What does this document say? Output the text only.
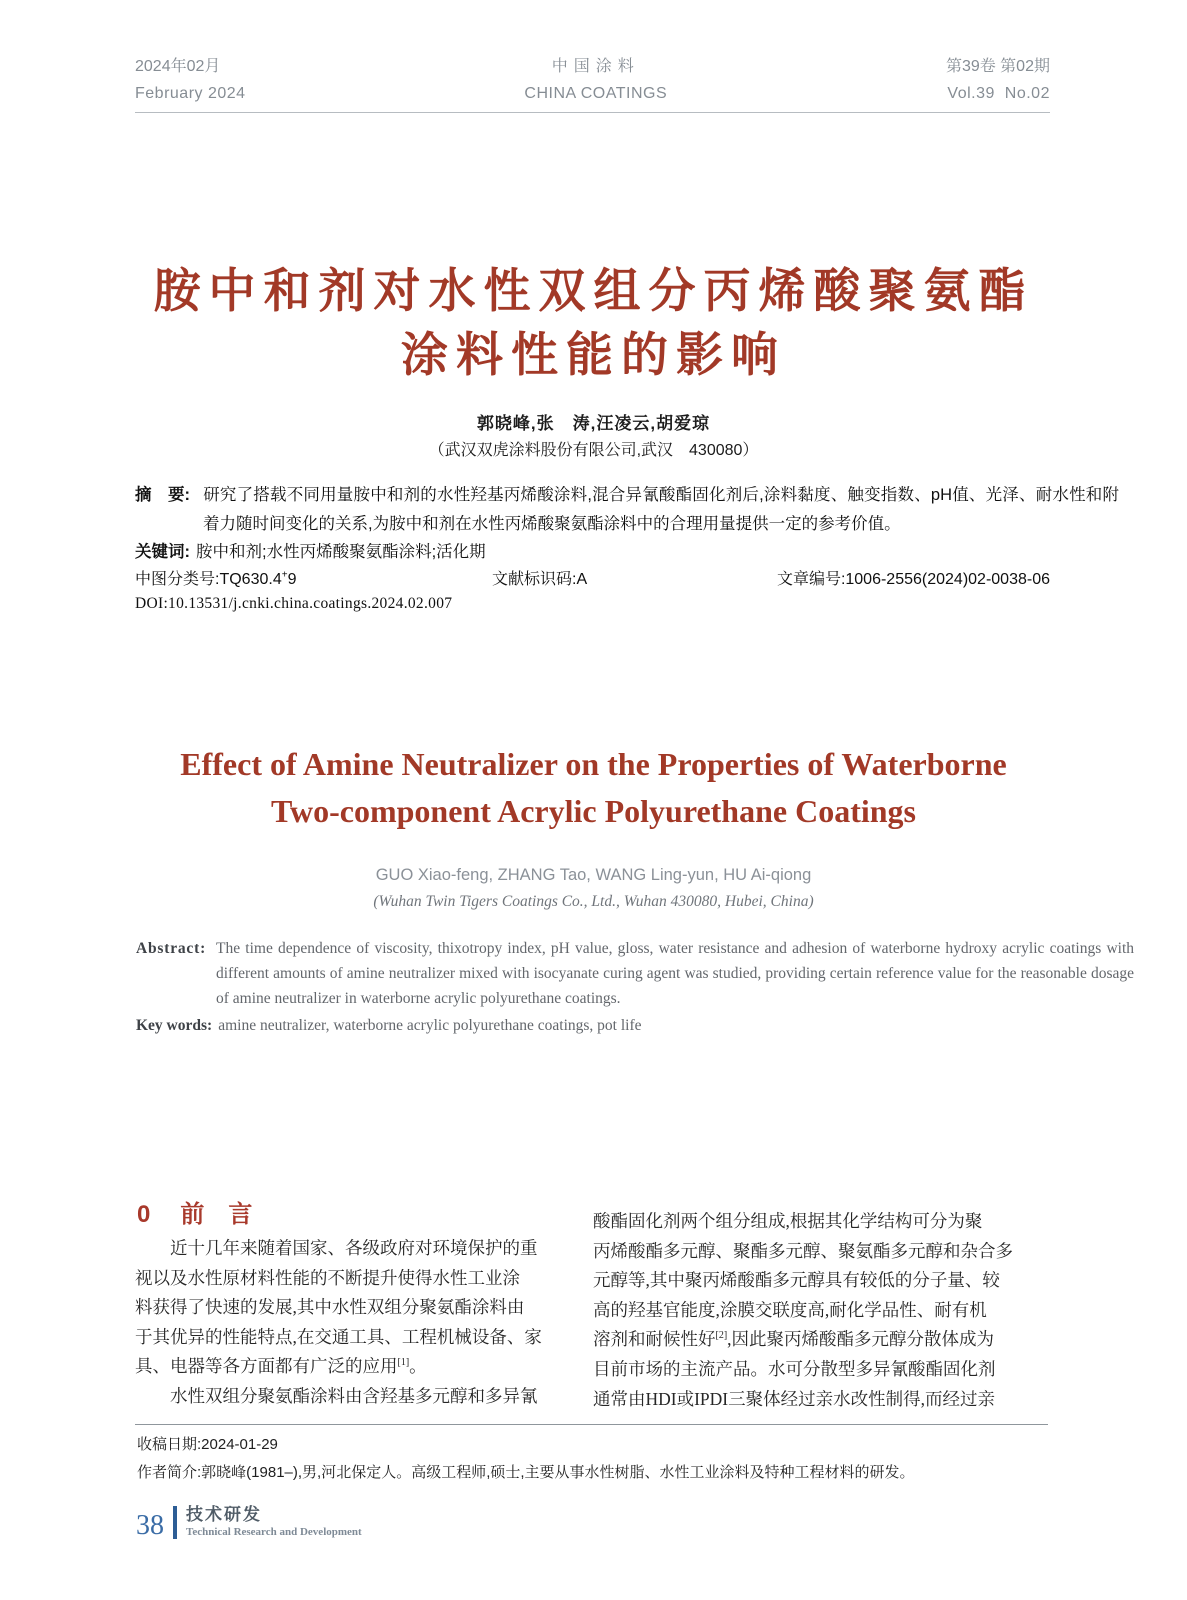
2024年02月
February 2024
中国涂料
CHINA COATINGS
第39卷 第02期
Vol.39  No.02
胺中和剂对水性双组分丙烯酸聚氨酯
涂料性能的影响
郭晓峰,张　涛,汪凌云,胡爱琼
（武汉双虎涂料股份有限公司,武汉　430080）

摘　要: 研究了搭载不同用量胺中和剂的水性羟基丙烯酸涂料,混合异氰酸酯固化剂后,涂料黏度、触变指数、pH值、光泽、耐水性和附着力随时间变化的关系,为胺中和剂在水性丙烯酸聚氨酯涂料中的合理用量提供一定的参考价值。

关键词: 胺中和剂;水性丙烯酸聚氨酯涂料;活化期
中图分类号:TQ630.4+9	文献标识码:A	文章编号:1006-2556(2024)02-0038-06
DOI:10.13531/j.cnki.china.coatings.2024.02.007
Effect of Amine Neutralizer on the Properties of Waterborne
Two-component Acrylic Polyurethane Coatings
GUO Xiao-feng, ZHANG Tao, WANG Ling-yun, HU Ai-qiong
(Wuhan Twin Tigers Coatings Co., Ltd., Wuhan 430080, Hubei, China)

Abstract: The time dependence of viscosity, thixotropy index, pH value, gloss, water resistance and adhesion of waterborne hydroxy acrylic coatings with different amounts of amine neutralizer mixed with isocyanate curing agent was studied, providing certain reference value for the reasonable dosage of amine neutralizer in waterborne acrylic polyurethane coatings.

Key words: amine neutralizer, waterborne acrylic polyurethane coatings, pot life
0 前　言
　　近十几年来随着国家、各级政府对环境保护的重
视以及水性原材料性能的不断提升使得水性工业涂
料获得了快速的发展,其中水性双组分聚氨酯涂料由
于其优异的性能特点,在交通工具、工程机械设备、家
具、电器等各方面都有广泛的应用[1]。
　　水性双组分聚氨酯涂料由含羟基多元醇和多异氰
酸酯固化剂两个组分组成,根据其化学结构可分为聚
丙烯酸酯多元醇、聚酯多元醇、聚氨酯多元醇和杂合多
元醇等,其中聚丙烯酸酯多元醇具有较低的分子量、较
高的羟基官能度,涂膜交联度高,耐化学品性、耐有机
溶剂和耐候性好[2],因此聚丙烯酸酯多元醇分散体成为
目前市场的主流产品。水可分散型多异氰酸酯固化剂
通常由HDI或IPDI三聚体经过亲水改性制得,而经过亲
收稿日期:2024-01-29
作者简介:郭晓峰(1981–),男,河北保定人。高级工程师,硕士,主要从事水性树脂、水性工业涂料及特种工程材料的研发。
38 技术研发
Technical Research and Development
